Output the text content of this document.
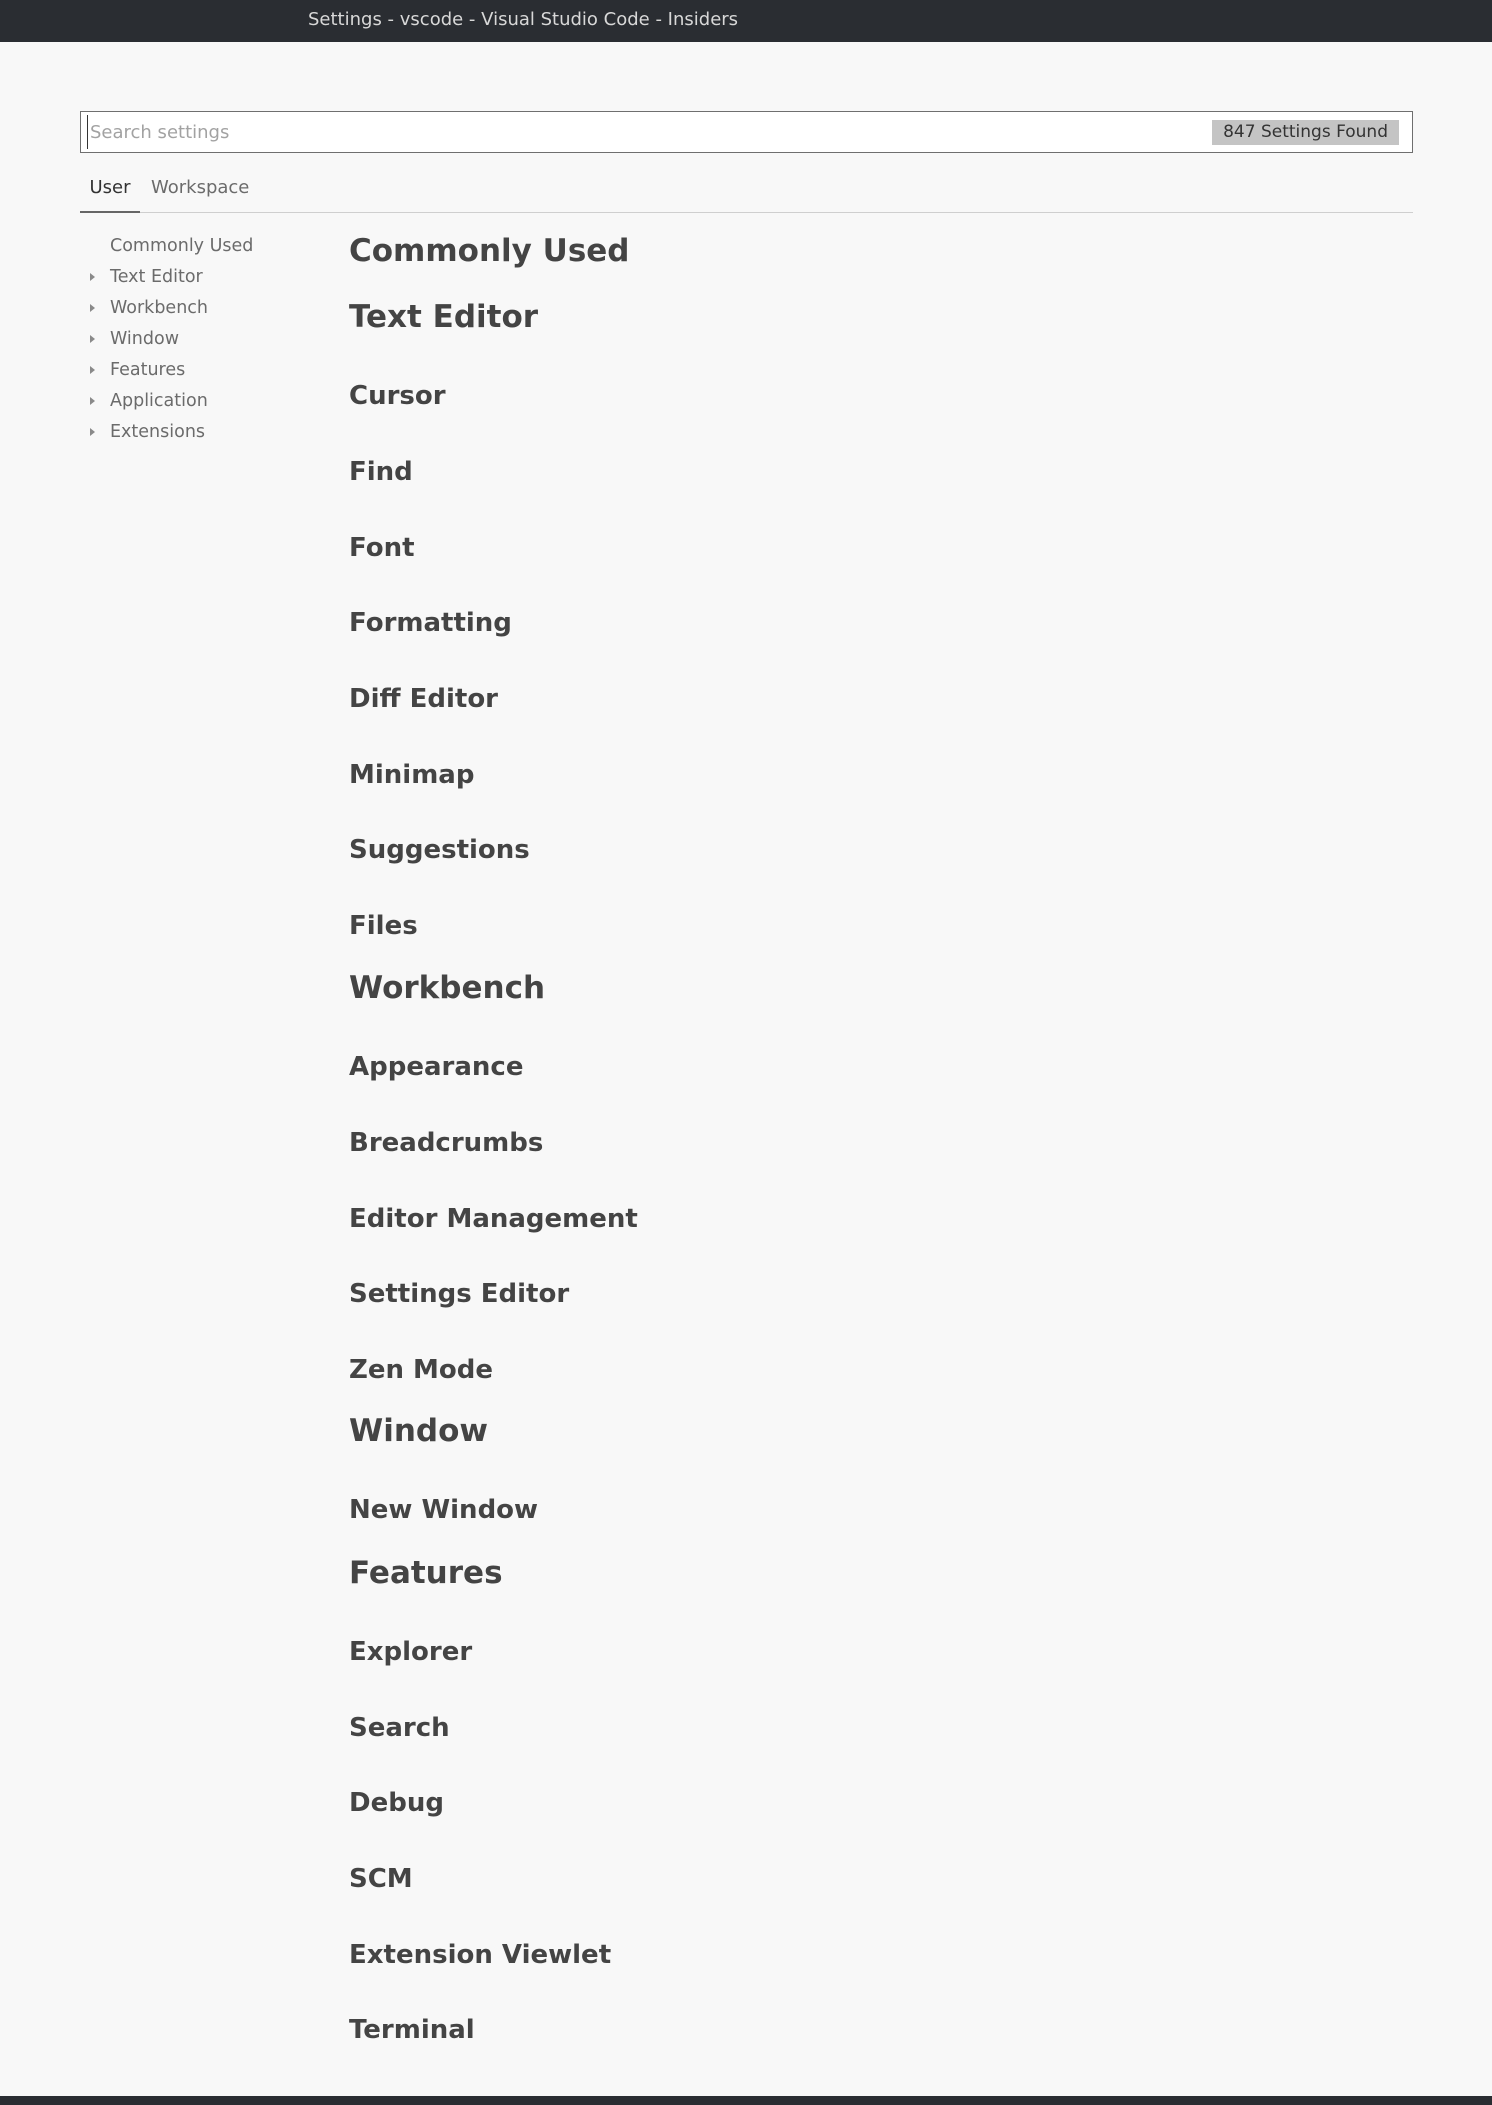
Settings - vscode - Visual Studio Code - Insiders
Search settings
847 Settings Found
User	Workspace
Commonly Used
Text Editor
Workbench
Window
Features
Application
Extensions
Commonly Used
Text Editor
Cursor
Find
Font
Formatting
Diff Editor
Minimap
Suggestions
Files
Workbench
Appearance
Breadcrumbs
Editor Management
Settings Editor
Zen Mode
Window
New Window
Features
Explorer
Search
Debug
SCM
Extension Viewlet
Terminal
